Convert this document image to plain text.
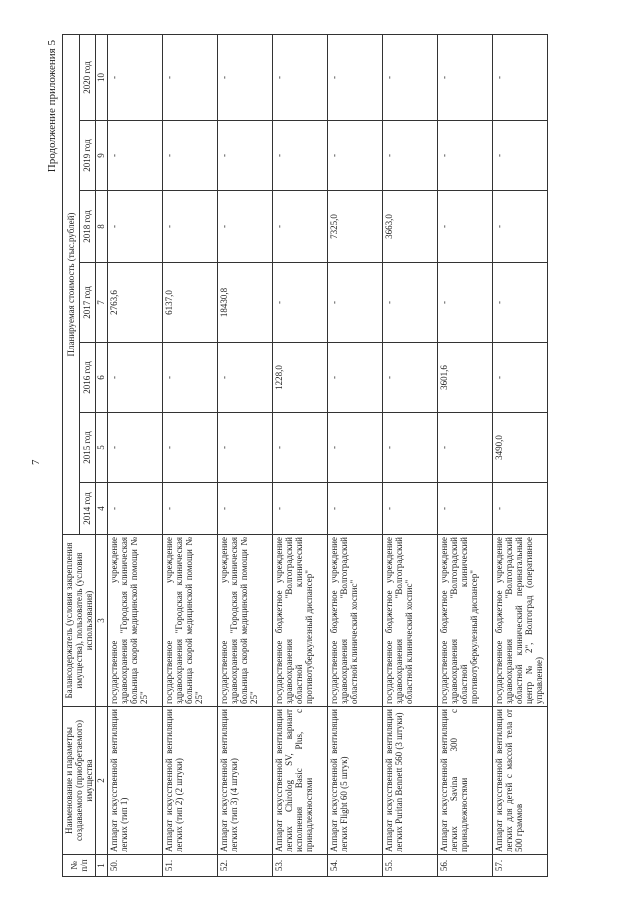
7
Продолжение приложения 5
№ п/п	Наименование и параметры создаваемого (приобретаемого) имущества	Балансодержатель (условия закрепления имущества), пользователь (условия использования)	Планируемая стоимость (тыс.рублей)						
			2014 год	2015 год	2016 год	2017 год	2018 год	2019 год	2020 год
1	2	3	4	5	6	7	8	9	10
50.	Аппарат искусственной вентиляции легких (тип 1)	государственное учреждение здравоохранения "Городская клиническая больница скорой медицинской помощи № 25"	-	-	-	2763,6	-	-	-
51.	Аппарат искусственной вентиляции легких (тип 2) (2 штуки)	государственное учреждение здравоохранения "Городская клиническая больница скорой медицинской помощи № 25"	-	-	-	6137,0	-	-	-
52.	Аппарат искусственной вентиляции легких (тип 3) (4 штуки)	государственное учреждение здравоохранения "Городская клиническая больница скорой медицинской помощи № 25"	-	-	-	18430,8	-	-	-
53.	Аппарат искусственной вентиляции легких Chirolog SV, вариант исполнения Basic Plus, с принадлежностями	государственное бюджетное учреждение здравоохранения "Волгоградский областной клинический противотуберкулезный диспансер"	-	-	1228,0	-	-	-	-
54.	Аппарат искусственной вентиляции легких Flight 60 (5 штук)	государственное бюджетное учреждение здравоохранения "Волгоградский областной клинический хоспис"	-	-	-	-	7325,0	-	-
55.	Аппарат искусственной вентиляции легких Puritan Bennett 560 (3 штуки)	государственное бюджетное учреждение здравоохранения "Волгоградский областной клинический хоспис"	-	-	-	-	3663,0	-	-
56.	Аппарат искусственной вентиляции легких Savina 300 с принадлежностями	государственное бюджетное учреждение здравоохранения "Волгоградский областной клинический противотуберкулезный диспансер"	-	-	3601,6	-	-	-	-
57.	Аппарат искусственной вентиляции легких для детей с массой тела от 500 граммов	государственное бюджетное учреждение здравоохранения "Волгоградский областной клинический перинатальный центр № 2", Волгоград (оперативное управление)	-	3490,0	-	-	-	-	-
